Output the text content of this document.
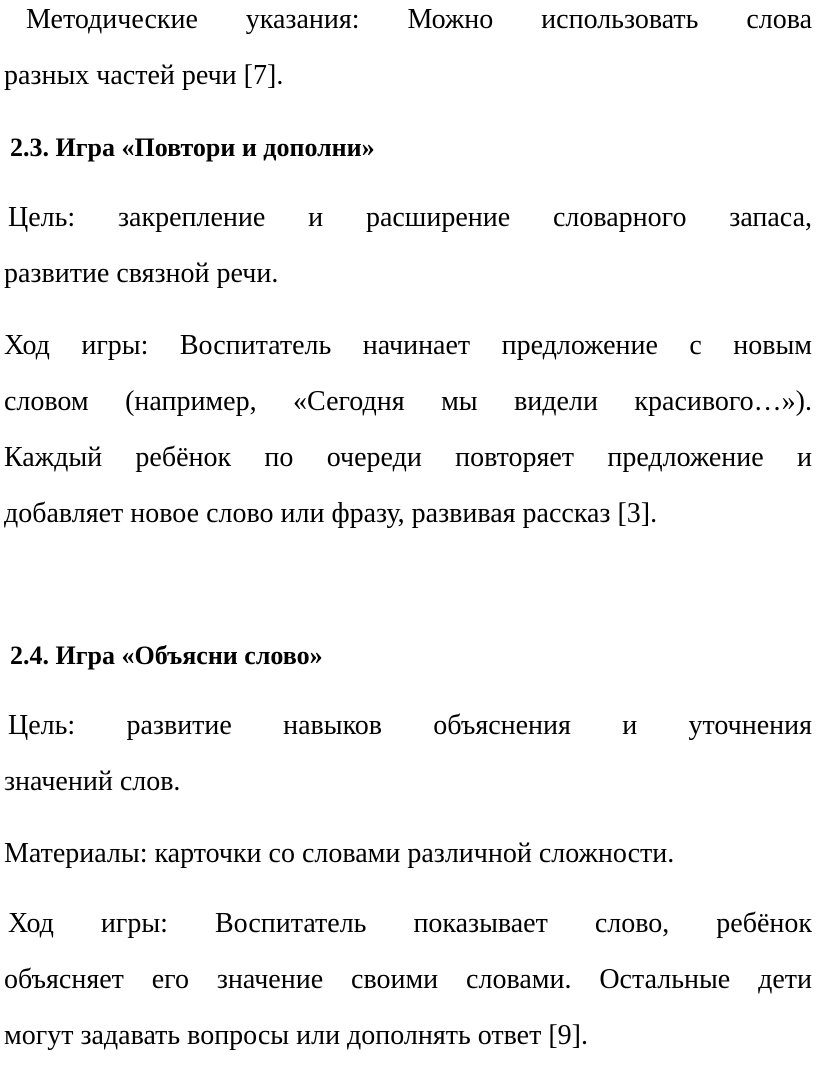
Методические указания: Можно использовать слова
разных частей речи [7].
2.3. Игра «Повтори и дополни»
Цель: закрепление и расширение словарного запаса,
развитие связной речи.
Ход игры: Воспитатель начинает предложение с новым
словом (например, «Сегодня мы видели красивого…»).
Каждый ребёнок по очереди повторяет предложение и
добавляет новое слово или фразу, развивая рассказ [3].
2.4. Игра «Объясни слово»
Цель: развитие навыков объяснения и уточнения
значений слов.
Материалы: карточки со словами различной сложности.
Ход игры: Воспитатель показывает слово, ребёнок
объясняет его значение своими словами. Остальные дети
могут задавать вопросы или дополнять ответ [9].
